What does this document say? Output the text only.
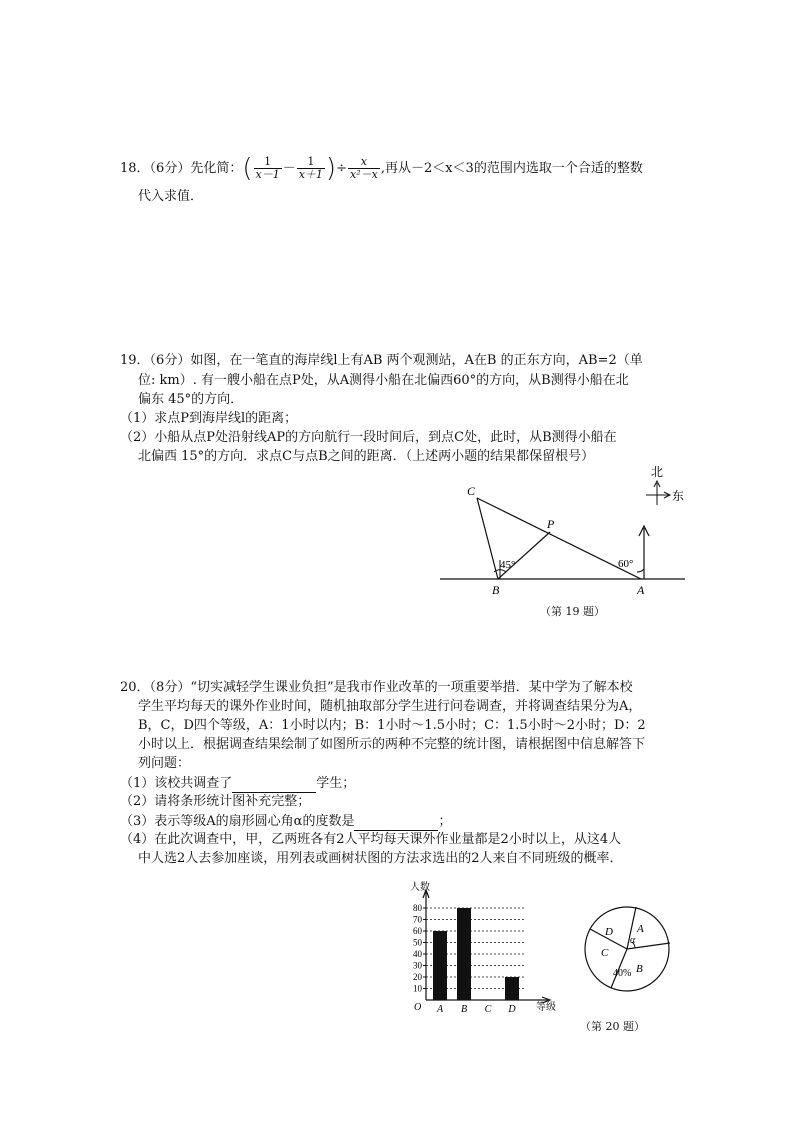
18．（6分）先化简：( $\frac{1}{x-1} - \frac{1}{x+1}$ )÷ $\frac{x}{\text{x²－x}}$ ,再从－2＜x＜3的范围内选取一个合适的整数
代入求值．
19．（6分）如图，在一笔直的海岸线l上有AB 两个观测站，A在B 的正东方向，AB=2（单
位: km）. 有一艘小船在点P处，从A测得小船在北偏西60°的方向，从B测得小船在北
偏东 45°的方向．
（1）求点P到海岸线l的距离；
（2）小船从点P处沿射线AP的方向航行一段时间后，到点C处，此时，从B测得小船在
北偏西 15°的方向．求点C与点B之间的距离．（上述两小题的结果都保留根号）
C
P
B	A
45°	60°
北
东
（第 19 题）
20．（8分）“切实减轻学生课业负担”是我市作业改革的一项重要举措．某中学为了解本校
学生平均每天的课外作业时间，随机抽取部分学生进行问卷调查，并将调查结果分为A，
B，C，D四个等级，A：1小时以内；B：1小时～1.5小时；C：1.5小时～2小时；D：2
小时以上．根据调查结果绘制了如图所示的两种不完整的统计图，请根据图中信息解答下
列问题：
（1）该校共调查了	学生；
（2）请将条形统计图补充完整；
（3）表示等级A的扇形圆心角α的度数是	；
（4）在此次调查中，甲，乙两班各有2人平均每天课外作业量都是2小时以上，从这4人
中人选2人去参加座谈，用列表或画树状图的方法求选出的2人来自不同班级的概率．
10
20
30
40
50
60
70
80
人数
等级
O A B C D
A
α
B
40%
C
D
（第 20 题）
